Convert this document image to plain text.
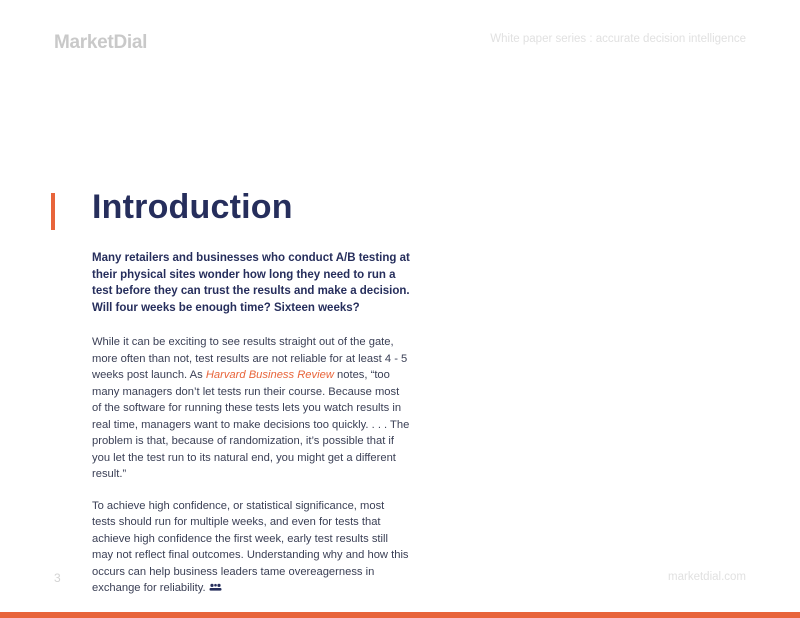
MarketDial	White paper series : accurate decision intelligence
Introduction

Many retailers and businesses who conduct A/B testing at their physical sites wonder how long they need to run a test before they can trust the results and make a decision. Will four weeks be enough time? Sixteen weeks?

While it can be exciting to see results straight out of the gate, more often than not, test results are not reliable for at least 4 - 5 weeks post launch. As Harvard Business Review notes, “too many managers don’t let tests run their course. Because most of the software for running these tests lets you watch results in real time, managers want to make decisions too quickly. . . . The problem is that, because of randomization, it’s possible that if you let the test run to its natural end, you might get a different result.”

To achieve high confidence, or statistical significance, most tests should run for multiple weeks, and even for tests that achieve high confidence the first week, early test results still may not reflect final outcomes. Understanding why and how this occurs can help business leaders tame overeagerness in exchange for reliability.

3	marketdial.com
